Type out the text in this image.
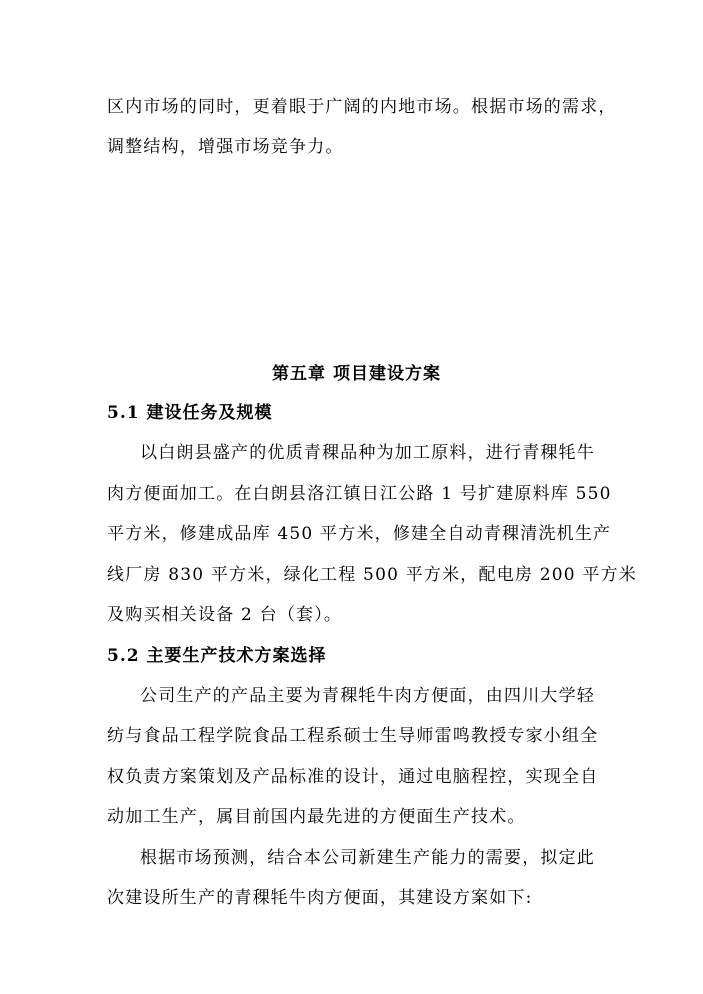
区内市场的同时，更着眼于广阔的内地市场。根据市场的需求，
调整结构，增强市场竞争力。
第五章 项目建设方案
5.1 建设任务及规模
以白朗县盛产的优质青稞品种为加工原料，进行青稞牦牛
肉方便面加工。在白朗县洛江镇日江公路 1 号扩建原料库 550
平方米，修建成品库 450 平方米，修建全自动青稞清洗机生产
线厂房 830 平方米，绿化工程 500 平方米，配电房 200 平方米
及购买相关设备 2 台（套）。
5.2 主要生产技术方案选择
公司生产的产品主要为青稞牦牛肉方便面，由四川大学轻
纺与食品工程学院食品工程系硕士生导师雷鸣教授专家小组全
权负责方案策划及产品标准的设计，通过电脑程控，实现全自
动加工生产，属目前国内最先进的方便面生产技术。
根据市场预测，结合本公司新建生产能力的需要，拟定此
次建设所生产的青稞牦牛肉方便面，其建设方案如下:
